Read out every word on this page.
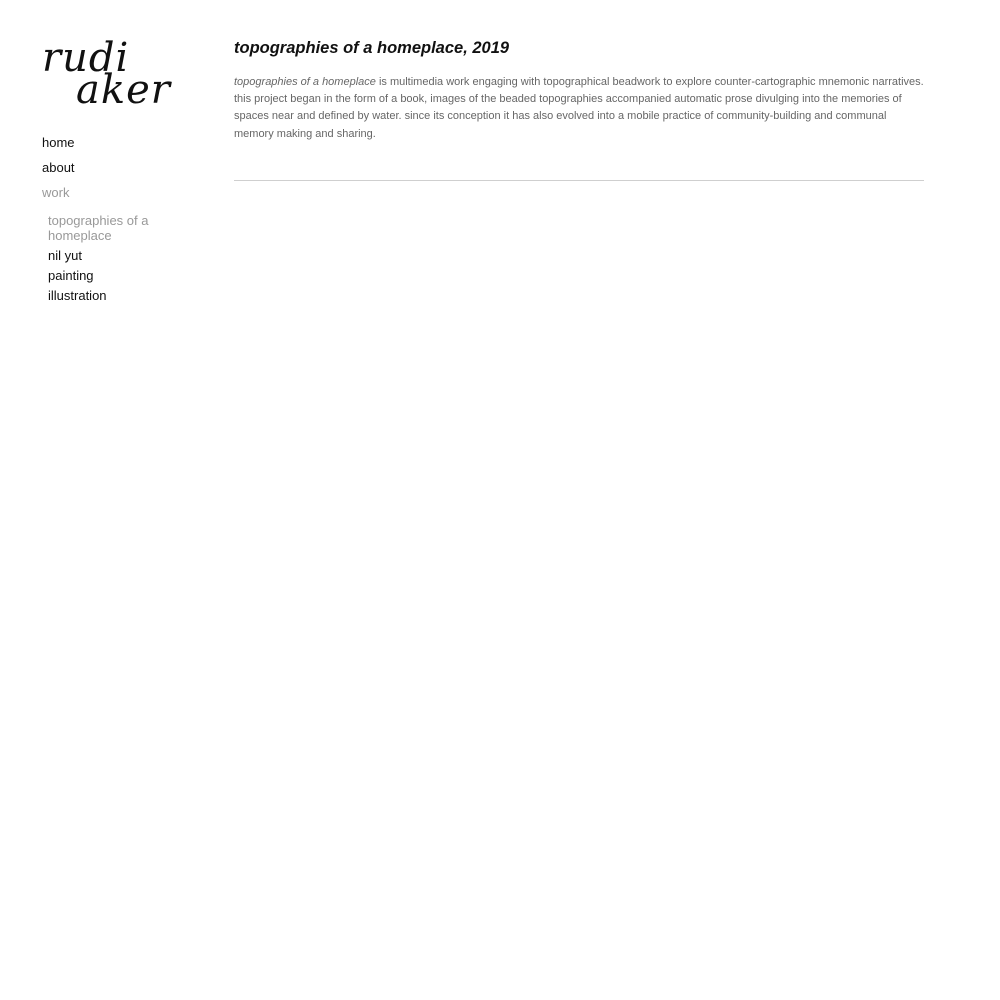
rudi
aker
home
about
work
topographies of a homeplace
nil yut
painting
illustration
topographies of a homeplace, 2019

topographies of a homeplace is multimedia work engaging with topographical beadwork to explore counter-cartographic mnemonic narratives. this project began in the form of a book, images of the beaded topographies accompanied automatic prose divulging into the memories of spaces near and defined by water. since its conception it has also evolved into a mobile practice of community-building and communal memory making and sharing.
